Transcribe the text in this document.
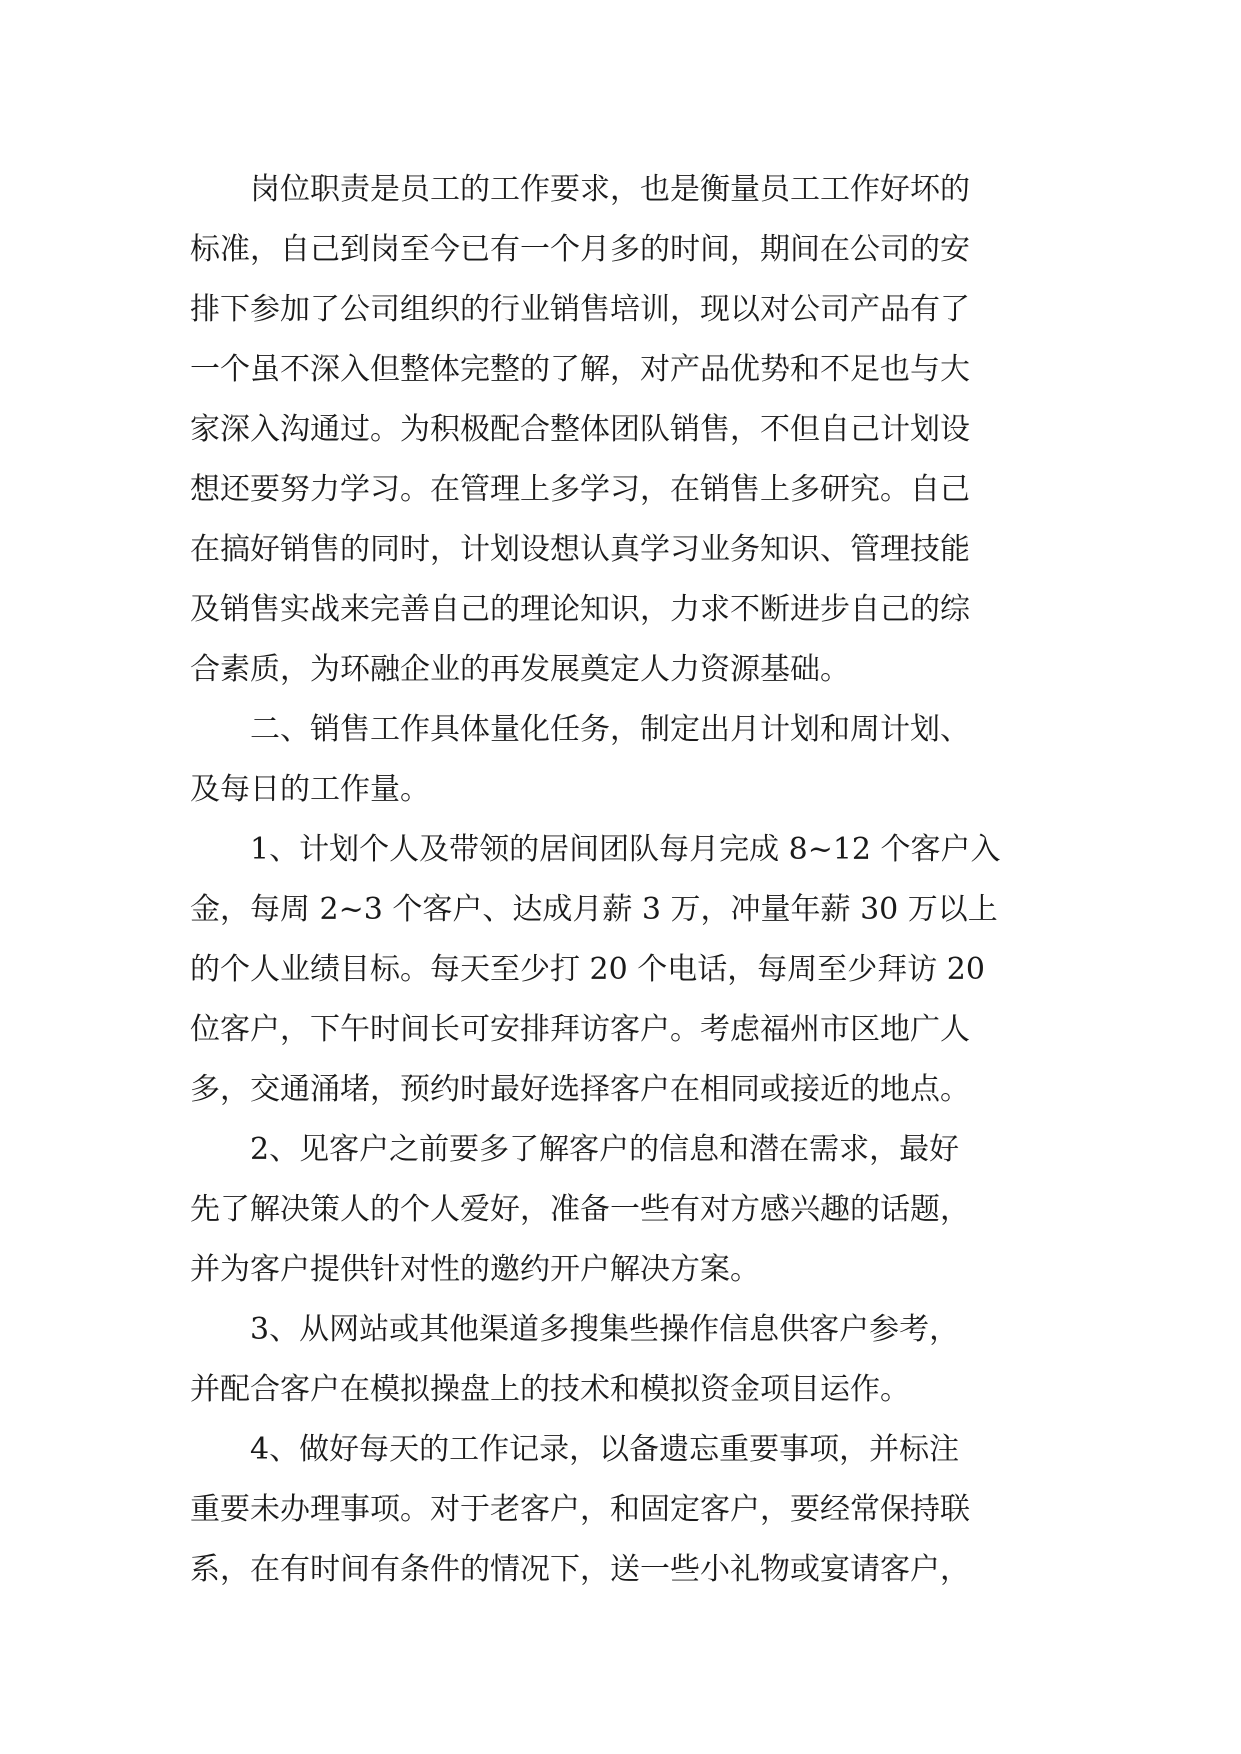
　　岗位职责是员工的工作要求，也是衡量员工工作好坏的
标准，自己到岗至今已有一个月多的时间，期间在公司的安
排下参加了公司组织的行业销售培训，现以对公司产品有了
一个虽不深入但整体完整的了解，对产品优势和不足也与大
家深入沟通过。为积极配合整体团队销售，不但自己计划设
想还要努力学习。在管理上多学习，在销售上多研究。自己
在搞好销售的同时，计划设想认真学习业务知识、管理技能
及销售实战来完善自己的理论知识，力求不断进步自己的综
合素质，为环融企业的再发展奠定人力资源基础。

　　二、销售工作具体量化任务，制定出月计划和周计划、
及每日的工作量。

　　1、计划个人及带领的居间团队每月完成 8~12 个客户入
金，每周 2~3 个客户、达成月薪 3 万，冲量年薪 30 万以上
的个人业绩目标。每天至少打 20 个电话，每周至少拜访 20
位客户，下午时间长可安排拜访客户。考虑福州市区地广人
多，交通涌堵，预约时最好选择客户在相同或接近的地点。

　　2、见客户之前要多了解客户的信息和潜在需求，最好
先了解决策人的个人爱好，准备一些有对方感兴趣的话题，
并为客户提供针对性的邀约开户解决方案。

　　3、从网站或其他渠道多搜集些操作信息供客户参考，
并配合客户在模拟操盘上的技术和模拟资金项目运作。

　　4、做好每天的工作记录，以备遗忘重要事项，并标注
重要未办理事项。对于老客户，和固定客户，要经常保持联
系，在有时间有条件的情况下，送一些小礼物或宴请客户，
